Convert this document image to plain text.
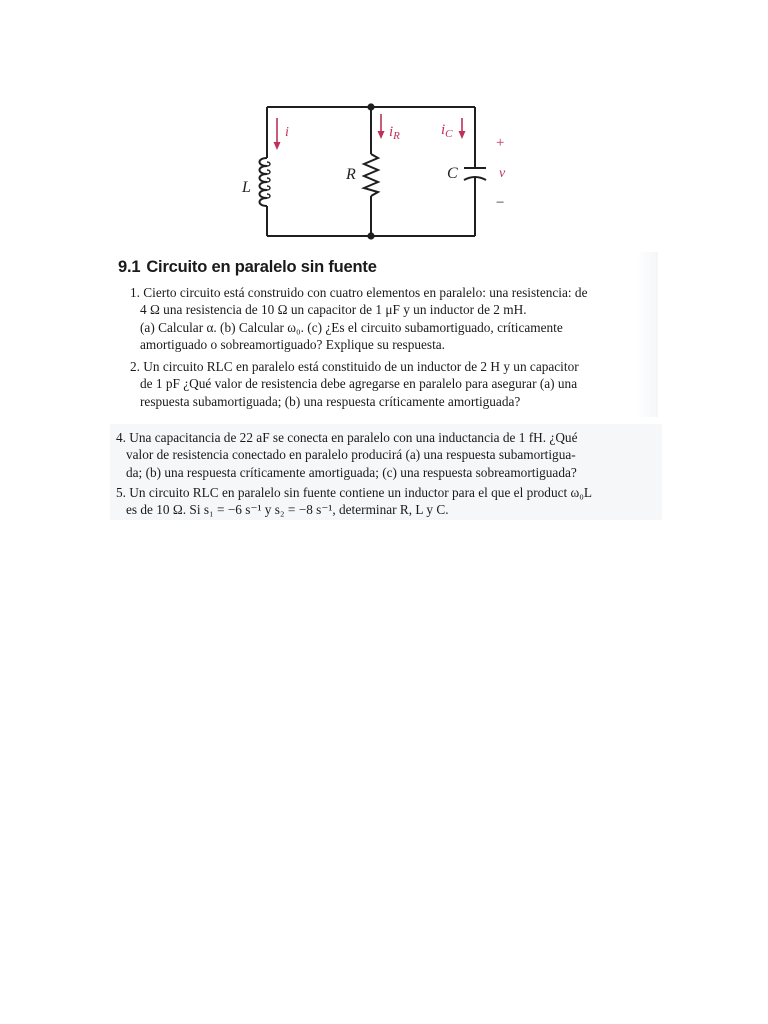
i	$i_R$	$i_C$
L
R	C	v
+
−
9.1 Circuito en paralelo sin fuente
1. Cierto circuito está construido con cuatro elementos en paralelo: una resistencia: de
4 Ω una resistencia de 10 Ω un capacitor de 1 μF y un inductor de 2 mH.
(a) Calcular α. (b) Calcular ω₀. (c) ¿Es el circuito subamortiguado, críticamente
amortiguado o sobreamortiguado? Explique su respuesta.
2. Un circuito RLC en paralelo está constituido de un inductor de 2 H y un capacitor
de 1 pF ¿Qué valor de resistencia debe agregarse en paralelo para asegurar (a) una
respuesta subamortiguada; (b) una respuesta críticamente amortiguada?
4. Una capacitancia de 22 aF se conecta en paralelo con una inductancia de 1 fH. ¿Qué
valor de resistencia conectado en paralelo producirá (a) una respuesta subamortigua-
da; (b) una respuesta críticamente amortiguada; (c) una respuesta sobreamortiguada?
5. Un circuito RLC en paralelo sin fuente contiene un inductor para el que el product ω₀L
es de 10 Ω. Si s₁ = −6 s⁻¹ y s₂ = −8 s⁻¹, determinar R, L y C.
